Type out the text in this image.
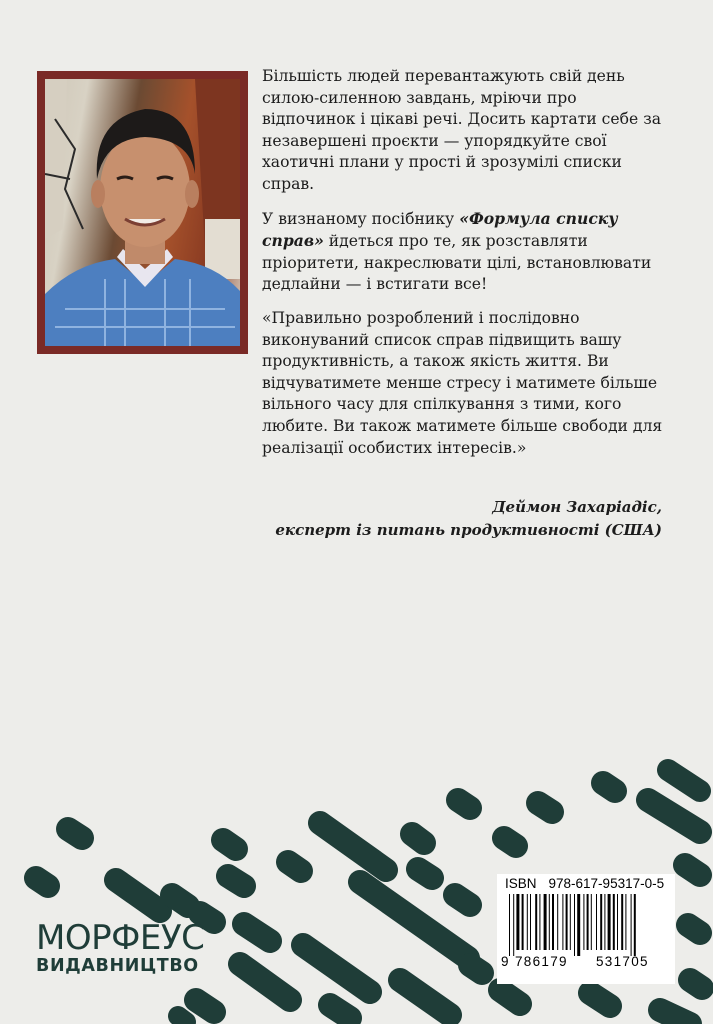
Більшість людей перевантажують свій день силою-силенною завдань, мріючи про відпочинок і цікаві речі. Досить картати себе за незавершені проєкти — упорядкуйте свої хаотичні плани у прості й зрозумілі списки справ.

У визнаному посібнику «Формула списку справ» йдеться про те, як розставляти пріоритети, накреслювати цілі, встановлювати дедлайни — і встигати все!

«Правильно розроблений і послідовно виконуваний список справ підвищить вашу продуктивність, а також якість життя. Ви відчуватимете менше стресу і матимете більше вільного часу для спілкування з тими, кого любите. Ви також матимете більше свободи для реалізації особистих інтересів.»

Деймон Захаріадіс,
експерт із питань продуктивності (США)
МОРФЕУС
ВИДАВНИЦТВО
ISBN 978-617-95317-0-5
9 786179	531705
